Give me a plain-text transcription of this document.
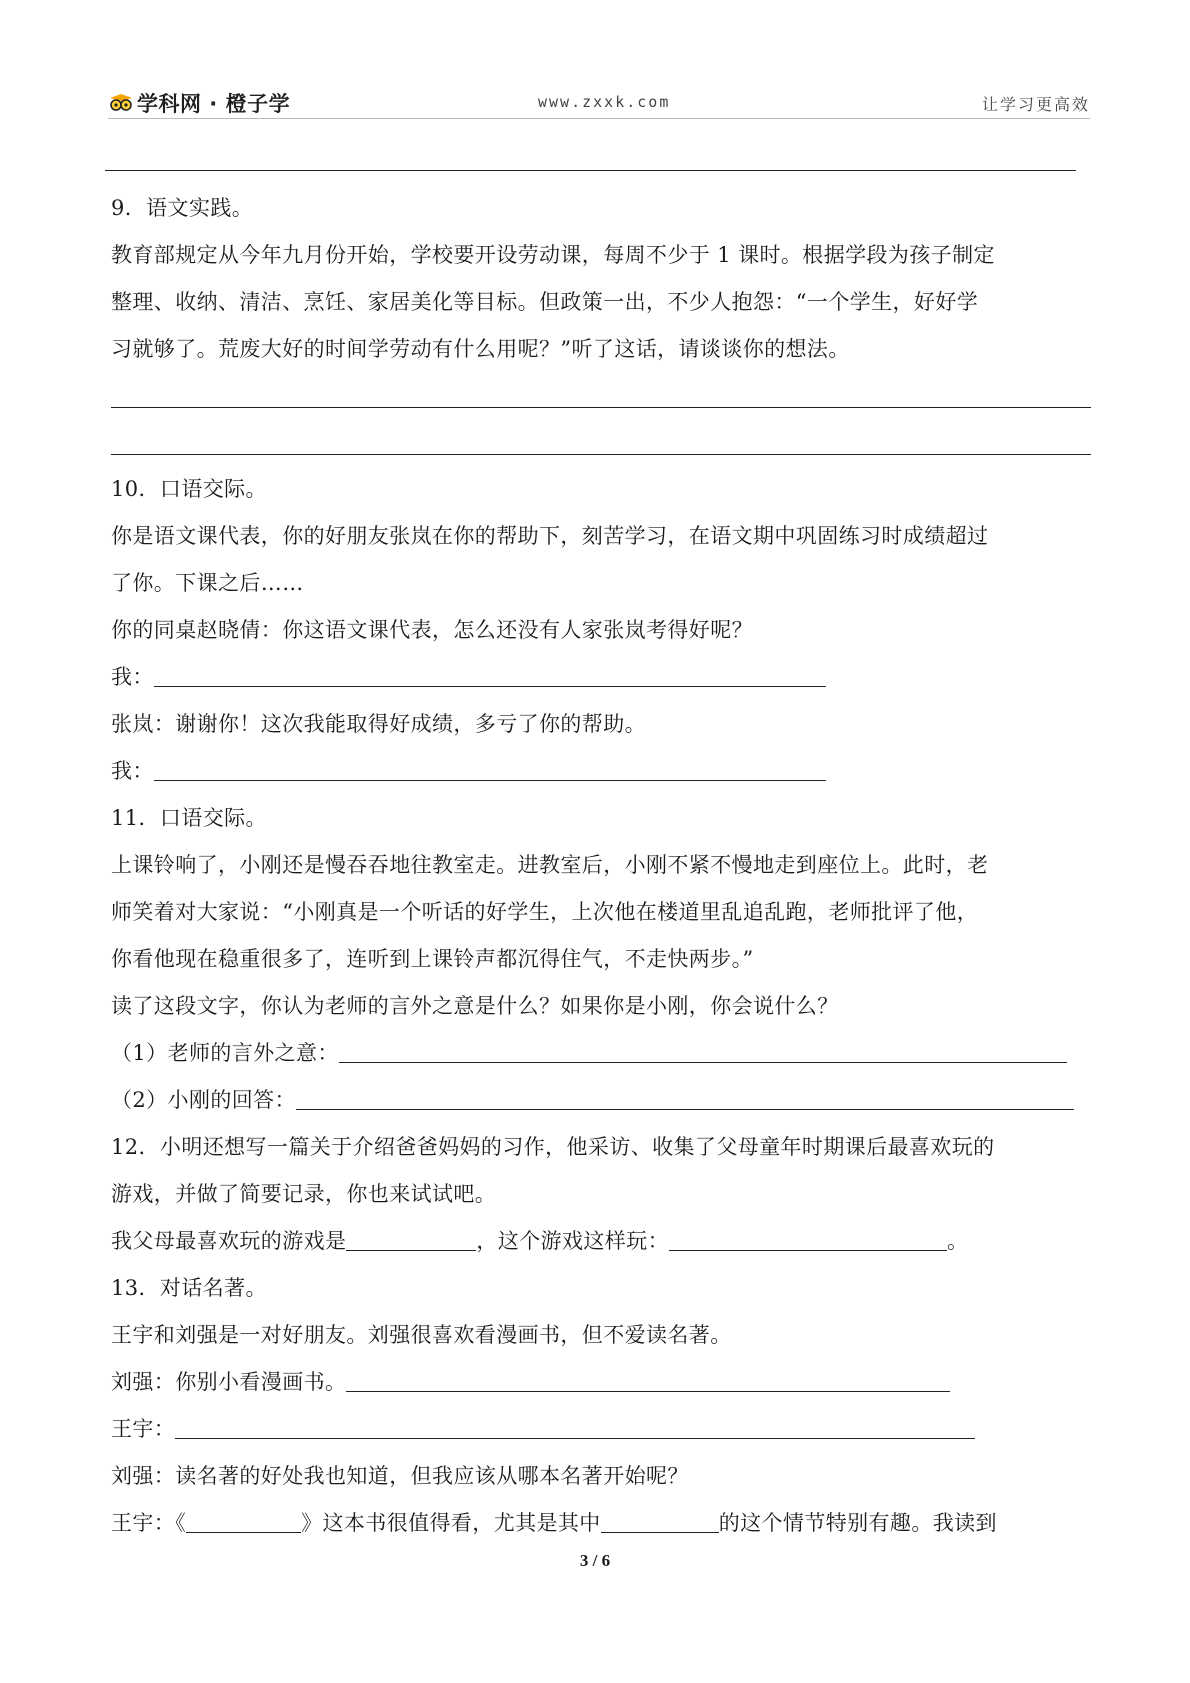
学科网 · 橙子学	www.zxxk.com	让学习更高效
9．语文实践。
教育部规定从今年九月份开始，学校要开设劳动课，每周不少于 1 课时。根据学段为孩子制定
整理、收纳、清洁、烹饪、家居美化等目标。但政策一出，不少人抱怨：“一个学生，好好学
习就够了。荒废大好的时间学劳动有什么用呢？”听了这话，请谈谈你的想法。
10．口语交际。
你是语文课代表，你的好朋友张岚在你的帮助下，刻苦学习，在语文期中巩固练习时成绩超过
了你。下课之后……
你的同桌赵晓倩：你这语文课代表，怎么还没有人家张岚考得好呢？
我：
张岚：谢谢你！这次我能取得好成绩，多亏了你的帮助。
我：
11．口语交际。
上课铃响了，小刚还是慢吞吞地往教室走。进教室后，小刚不紧不慢地走到座位上。此时，老
师笑着对大家说：“小刚真是一个听话的好学生，上次他在楼道里乱追乱跑，老师批评了他，
你看他现在稳重很多了，连听到上课铃声都沉得住气，不走快两步。”
读了这段文字，你认为老师的言外之意是什么？如果你是小刚，你会说什么？
（1）老师的言外之意：
（2）小刚的回答：
12．小明还想写一篇关于介绍爸爸妈妈的习作，他采访、收集了父母童年时期课后最喜欢玩的
游戏，并做了简要记录，你也来试试吧。
我父母最喜欢玩的游戏是	，这个游戏这样玩：	。
13．对话名著。
王宇和刘强是一对好朋友。刘强很喜欢看漫画书，但不爱读名著。
刘强：你别小看漫画书。
王宇：
刘强：读名著的好处我也知道，但我应该从哪本名著开始呢？
王宇：《	》这本书很值得看，尤其是其中	的这个情节特别有趣。我读到
3 / 6
